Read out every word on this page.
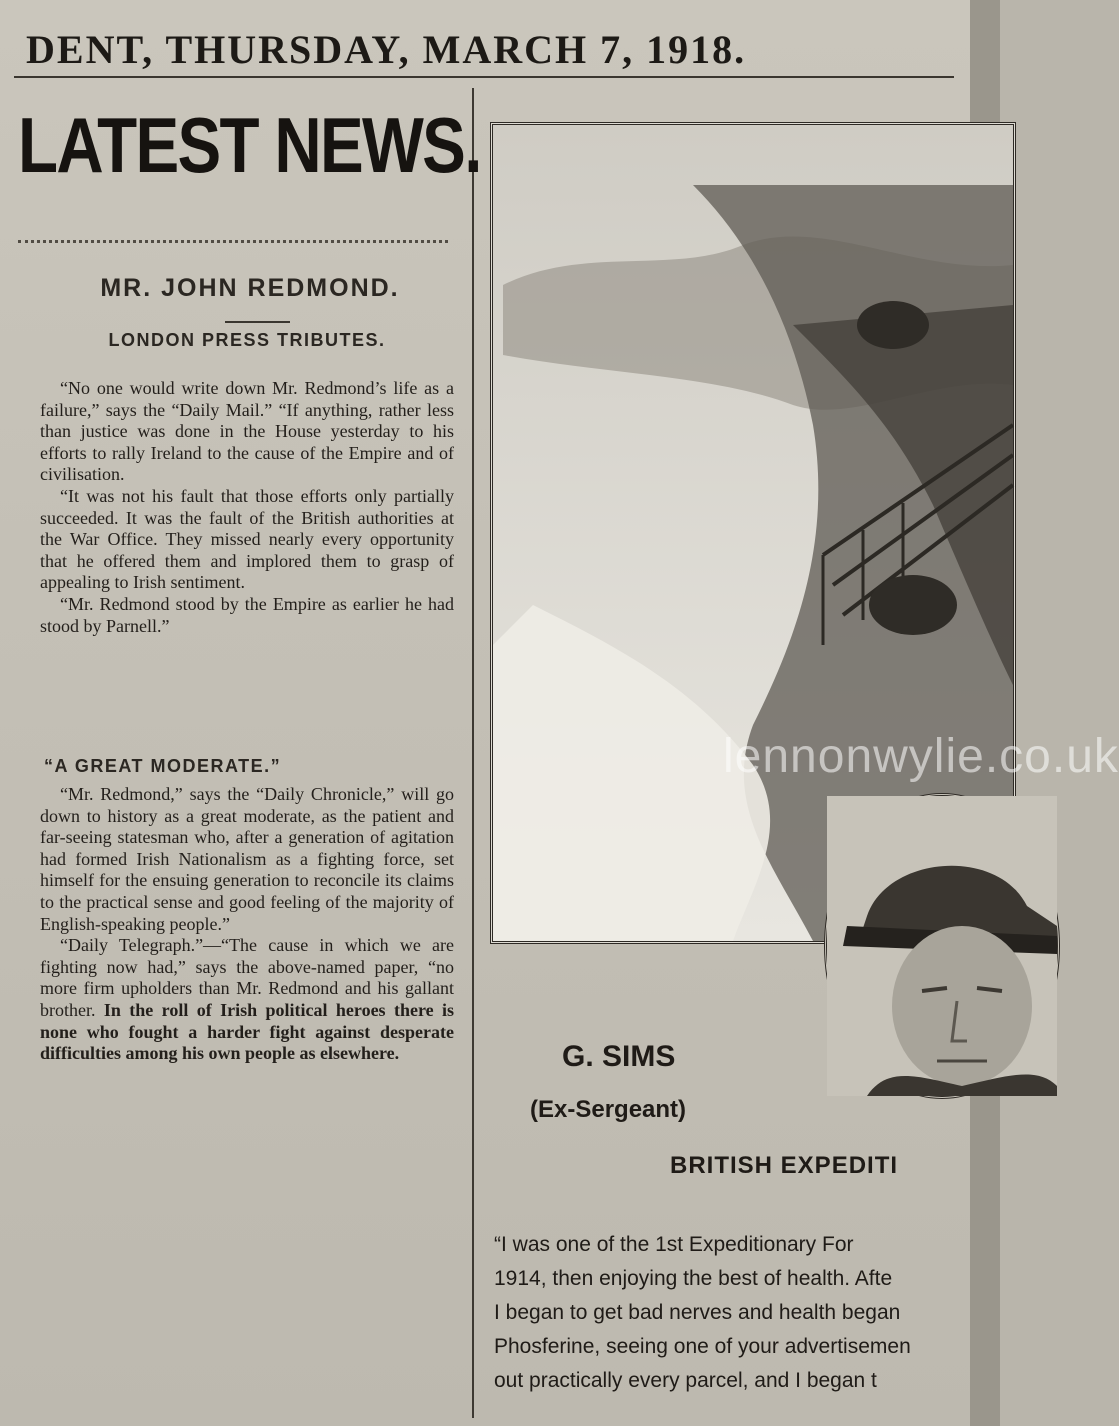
DENT, THURSDAY, MARCH 7, 1918.
LATEST NEWS.
MR. JOHN REDMOND.
LONDON PRESS TRIBUTES.

“No one would write down Mr. Redmond’s life as a failure,” says the “Daily Mail.” “If anything, rather less than justice was done in the House yesterday to his efforts to rally Ireland to the cause of the Empire and of civilisation.

“It was not his fault that those efforts only partially succeeded. It was the fault of the British authorities at the War Office. They missed nearly every opportunity that he offered them and implored them to grasp of appealing to Irish sentiment.

“Mr. Redmond stood by the Empire as earlier he had stood by Parnell.”

“A GREAT MODERATE.”

“Mr. Redmond,” says the “Daily Chronicle,” will go down to history as a great moderate, as the patient and far-seeing statesman who, after a generation of agitation had formed Irish Nationalism as a fighting force, set himself for the ensuing generation to reconcile its claims to the practical sense and good feeling of the majority of English-speaking people.”

“Daily Telegraph.”—“The cause in which we are fighting now had,” says the above-named paper, “no more firm upholders than Mr. Redmond and his gallant brother. In the roll of Irish political heroes there is none who fought a harder fight against desperate difficulties among his own people as elsewhere.

lennonwylie.co.uk
G. SIMS
(Ex-Sergeant)
BRITISH EXPEDITI
“I was one of the 1st Expeditionary For
1914, then enjoying the best of health. Afte
I began to get bad nerves and health began
Phosferine, seeing one of your advertisemen
out practically every parcel, and I began t
